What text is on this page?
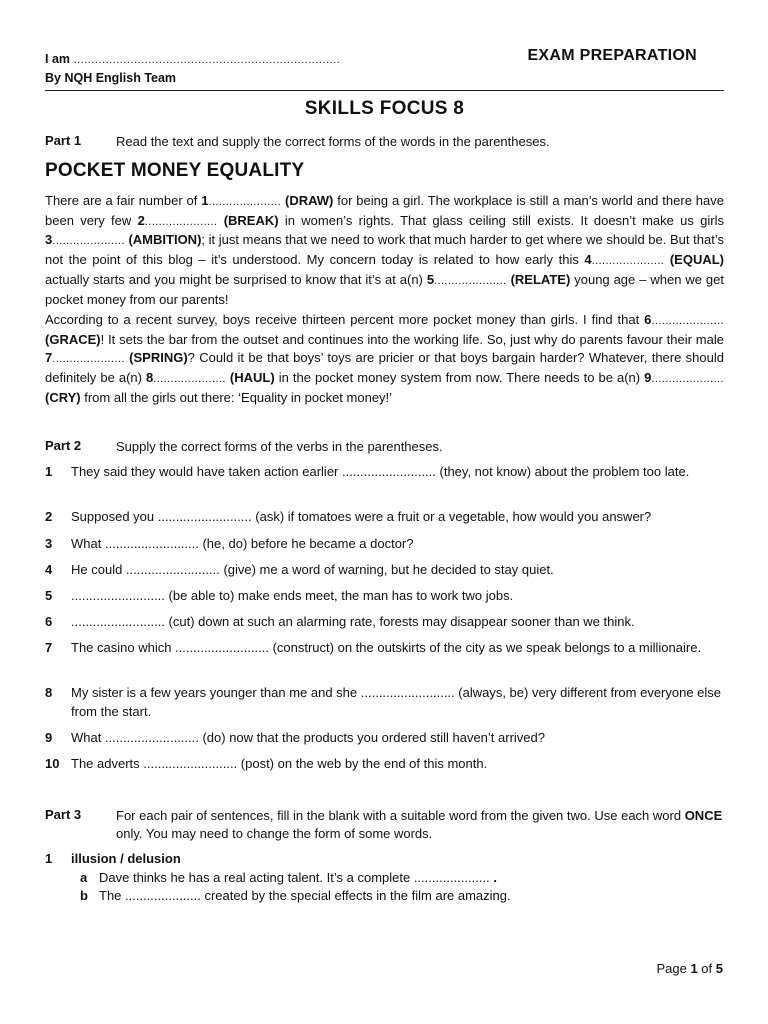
I am ...........................................................................
By NQH English Team
EXAM PREPARATION
SKILLS FOCUS 8
Part 1	Read the text and supply the correct forms of the words in the parentheses.
POCKET MONEY EQUALITY
There are a fair number of 1..................... (DRAW) for being a girl. The workplace is still a man’s world and there have been very few 2..................... (BREAK) in women’s rights. That glass ceiling still exists. It doesn’t make us girls 3..................... (AMBITION); it just means that we need to work that much harder to get where we should be. But that’s not the point of this blog – it’s understood. My concern today is related to how early this 4..................... (EQUAL) actually starts and you might be surprised to know that it’s at a(n) 5..................... (RELATE) young age – when we get pocket money from our parents!
According to a recent survey, boys receive thirteen percent more pocket money than girls. I find that 6..................... (GRACE)! It sets the bar from the outset and continues into the working life. So, just why do parents favour their male 7..................... (SPRING)? Could it be that boys’ toys are pricier or that boys bargain harder? Whatever, there should definitely be a(n) 8..................... (HAUL) in the pocket money system from now. There needs to be a(n) 9..................... (CRY) from all the girls out there: ‘Equality in pocket money!’
Part 2	Supply the correct forms of the verbs in the parentheses.
1	They said they would have taken action earlier .......................... (they, not know) about the problem too late.
2	Supposed you .......................... (ask) if tomatoes were a fruit or a vegetable, how would you answer?
3	What .......................... (he, do) before he became a doctor?
4	He could .......................... (give) me a word of warning, but he decided to stay quiet.
5	.......................... (be able to) make ends meet, the man has to work two jobs.
6	.......................... (cut) down at such an alarming rate, forests may disappear sooner than we think.
7	The casino which .......................... (construct) on the outskirts of the city as we speak belongs to a millionaire.
8	My sister is a few years younger than me and she .......................... (always, be) very different from everyone else from the start.
9	What .......................... (do) now that the products you ordered still haven’t arrived?
10 The adverts .......................... (post) on the web by the end of this month.
Part 3	For each pair of sentences, fill in the blank with a suitable word from the given two. Use each word ONCE only. You may need to change the form of some words.
1	illusion / delusion
a Dave thinks he has a real acting talent. It’s a complete ..................... .
b The ..................... created by the special effects in the film are amazing.
Page 1 of 5
